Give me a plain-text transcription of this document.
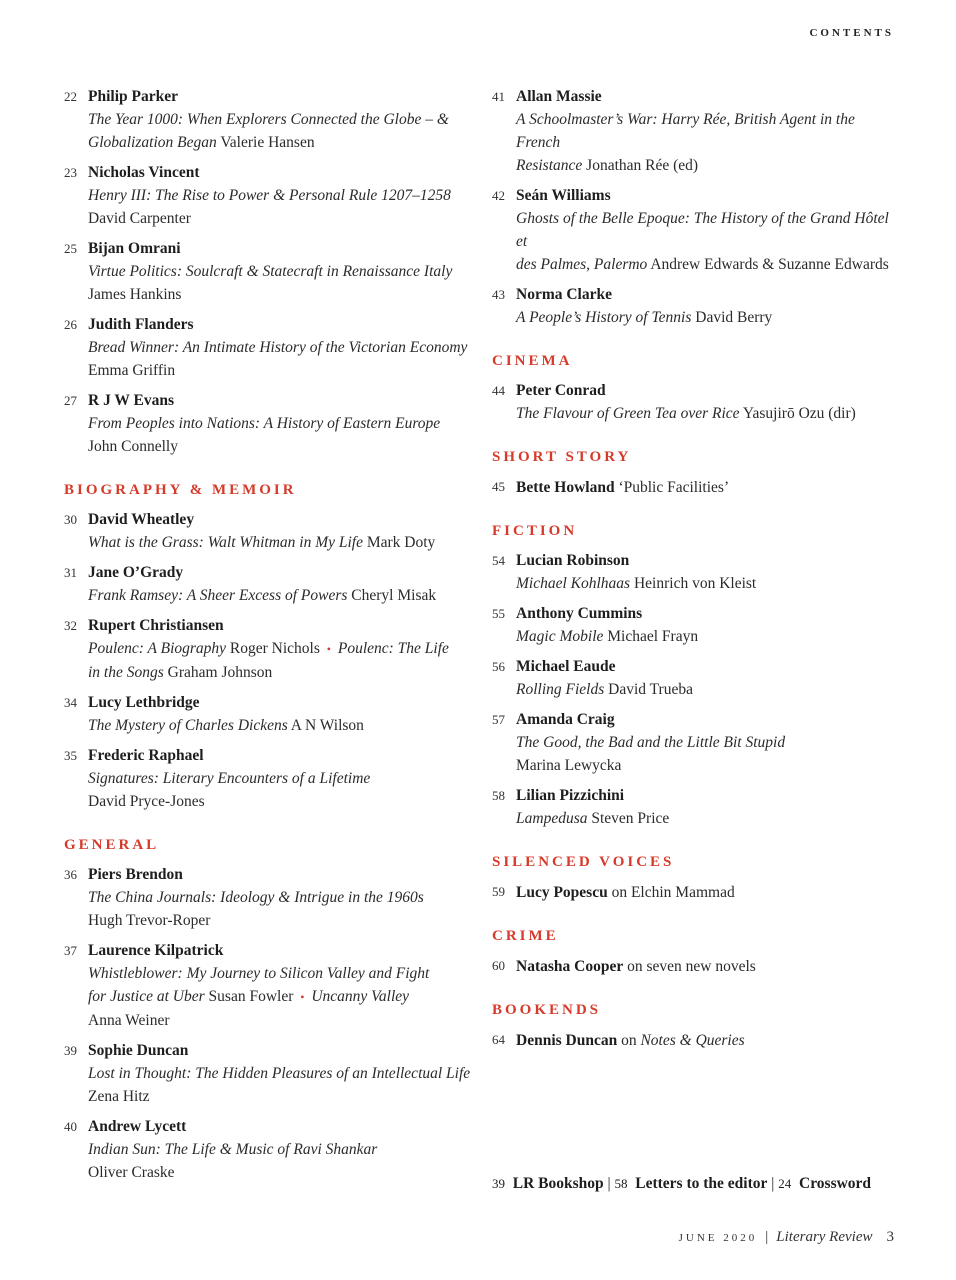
CONTENTS
22 Philip Parker
The Year 1000: When Explorers Connected the Globe – &
Globalization Began Valerie Hansen
23 Nicholas Vincent
Henry III: The Rise to Power & Personal Rule 1207–1258
David Carpenter
25 Bijan Omrani
Virtue Politics: Soulcraft & Statecraft in Renaissance Italy
James Hankins
26 Judith Flanders
Bread Winner: An Intimate History of the Victorian Economy
Emma Griffin
27 R J W Evans
From Peoples into Nations: A History of Eastern Europe
John Connelly
BIOGRAPHY & MEMOIR
30 David Wheatley
What is the Grass: Walt Whitman in My Life Mark Doty
31 Jane O’Grady
Frank Ramsey: A Sheer Excess of Powers Cheryl Misak
32 Rupert Christiansen
Poulenc: A Biography Roger Nichols • Poulenc: The Life
in the Songs Graham Johnson
34 Lucy Lethbridge
The Mystery of Charles Dickens A N Wilson
35 Frederic Raphael
Signatures: Literary Encounters of a Lifetime
David Pryce-Jones
GENERAL
36 Piers Brendon
The China Journals: Ideology & Intrigue in the 1960s
Hugh Trevor-Roper
37 Laurence Kilpatrick
Whistleblower: My Journey to Silicon Valley and Fight
for Justice at Uber Susan Fowler • Uncanny Valley
Anna Weiner
39 Sophie Duncan
Lost in Thought: The Hidden Pleasures of an Intellectual Life
Zena Hitz
40 Andrew Lycett
Indian Sun: The Life & Music of Ravi Shankar
Oliver Craske
41 Allan Massie
A Schoolmaster’s War: Harry Rée, British Agent in the French
Resistance Jonathan Rée (ed)
42 Seán Williams
Ghosts of the Belle Epoque: The History of the Grand Hôtel et
des Palmes, Palermo Andrew Edwards & Suzanne Edwards
43 Norma Clarke
A People’s History of Tennis David Berry
CINEMA
44 Peter Conrad
The Flavour of Green Tea over Rice Yasujirō Ozu (dir)
SHORT STORY
45 Bette Howland ‘Public Facilities’
FICTION
54 Lucian Robinson
Michael Kohlhaas Heinrich von Kleist
55 Anthony Cummins
Magic Mobile Michael Frayn
56 Michael Eaude
Rolling Fields David Trueba
57 Amanda Craig
The Good, the Bad and the Little Bit Stupid
Marina Lewycka
58 Lilian Pizzichini
Lampedusa Steven Price
SILENCED VOICES
59 Lucy Popescu on Elchin Mammad
CRIME
60 Natasha Cooper on seven new novels
BOOKENDS
64 Dennis Duncan on Notes & Queries
39 LR Bookshop | 58 Letters to the editor | 24 Crossword
JUNE 2020 | Literary Review 3
